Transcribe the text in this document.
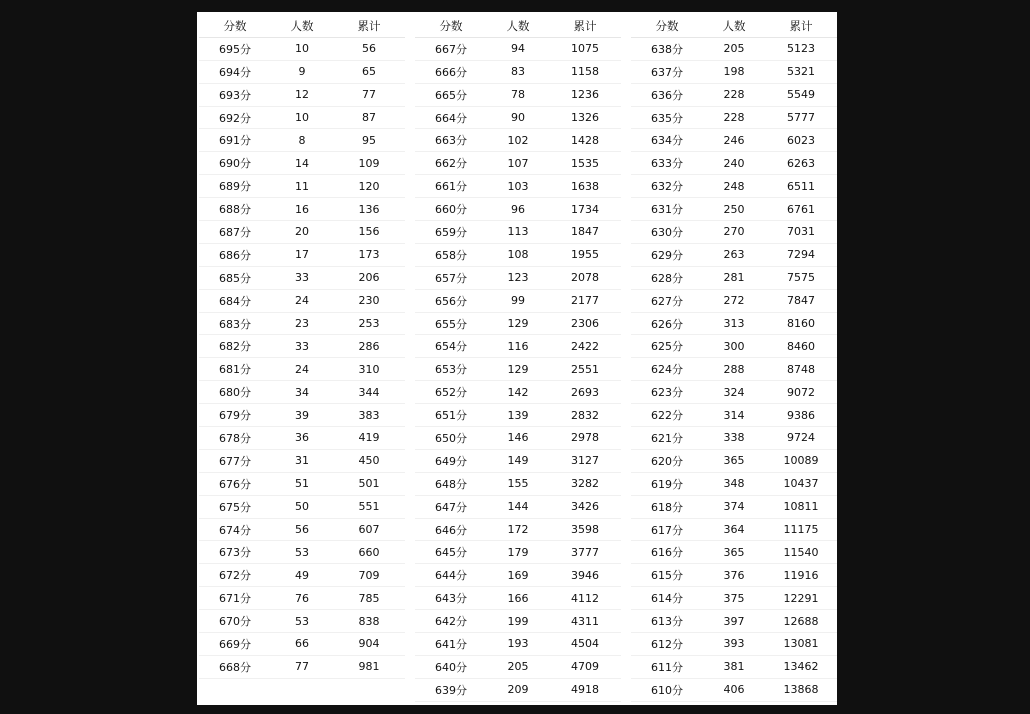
分数	人数	累计
695分	10	56
694分	9	65
693分	12	77
692分	10	87
691分	8	95
690分	14	109
689分	11	120
688分	16	136
687分	20	156
686分	17	173
685分	33	206
684分	24	230
683分	23	253
682分	33	286
681分	24	310
680分	34	344
679分	39	383
678分	36	419
677分	31	450
676分	51	501
675分	50	551
674分	56	607
673分	53	660
672分	49	709
671分	76	785
670分	53	838
669分	66	904
668分	77	981
分数	人数	累计
667分	94	1075
666分	83	1158
665分	78	1236
664分	90	1326
663分	102	1428
662分	107	1535
661分	103	1638
660分	96	1734
659分	113	1847
658分	108	1955
657分	123	2078
656分	99	2177
655分	129	2306
654分	116	2422
653分	129	2551
652分	142	2693
651分	139	2832
650分	146	2978
649分	149	3127
648分	155	3282
647分	144	3426
646分	172	3598
645分	179	3777
644分	169	3946
643分	166	4112
642分	199	4311
641分	193	4504
640分	205	4709
639分	209	4918
分数	人数	累计
638分	205	5123
637分	198	5321
636分	228	5549
635分	228	5777
634分	246	6023
633分	240	6263
632分	248	6511
631分	250	6761
630分	270	7031
629分	263	7294
628分	281	7575
627分	272	7847
626分	313	8160
625分	300	8460
624分	288	8748
623分	324	9072
622分	314	9386
621分	338	9724
620分	365	10089
619分	348	10437
618分	374	10811
617分	364	11175
616分	365	11540
615分	376	11916
614分	375	12291
613分	397	12688
612分	393	13081
611分	381	13462
610分	406	13868
